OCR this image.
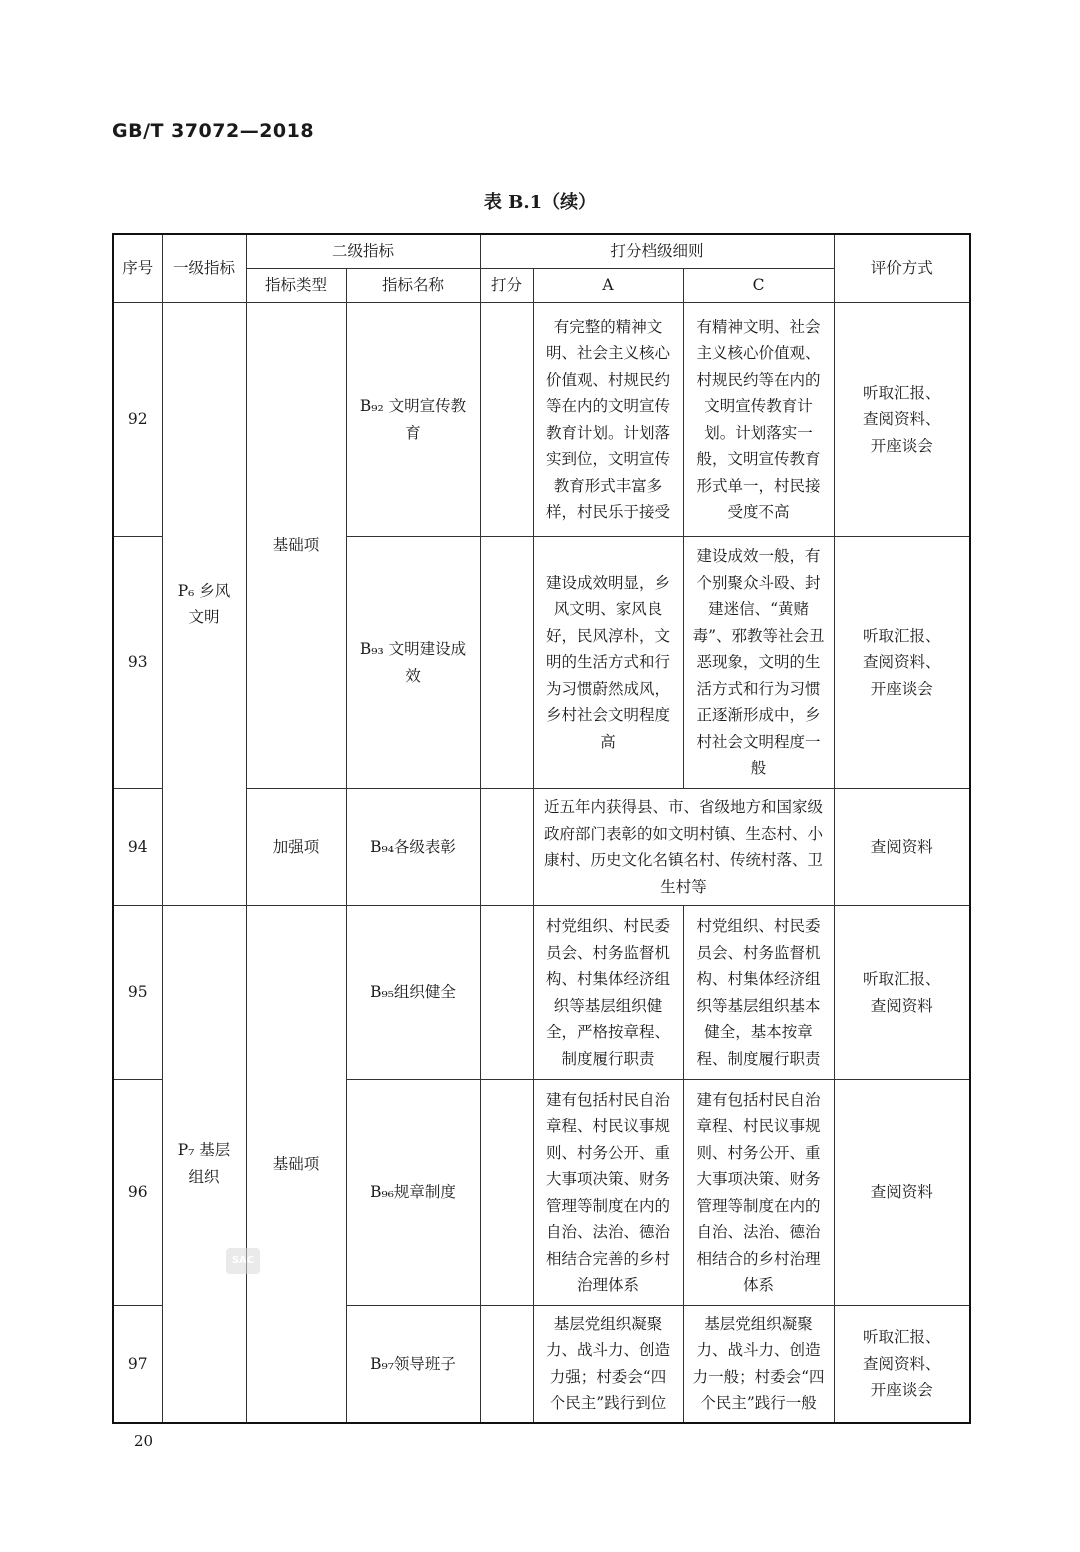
GB/T 37072—2018
表 B.1（续）
序号	一级指标	二级指标		打分档级细则			评价方式
		指标类型	指标名称	打分	A	C	
92	P₆ 乡风文明	基础项	B₉₂ 文明宣传教育		有完整的精神文明、社会主义核心价值观、村规民约等在内的文明宣传教育计划。计划落实到位，文明宣传教育形式丰富多样，村民乐于接受	有精神文明、社会主义核心价值观、村规民约等在内的文明宣传教育计划。计划落实一般，文明宣传教育形式单一，村民接受度不高	听取汇报、查阅资料、开座谈会
93			B₉₃ 文明建设成效		建设成效明显，乡风文明、家风良好，民风淳朴，文明的生活方式和行为习惯蔚然成风，乡村社会文明程度高	建设成效一般，有个别聚众斗殴、封建迷信、“黄赌毒”、邪教等社会丑恶现象，文明的生活方式和行为习惯正逐渐形成中，乡村社会文明程度一般	听取汇报、查阅资料、开座谈会
94		加强项	B₉₄各级表彰		近五年内获得县、市、省级地方和国家级政府部门表彰的如文明村镇、生态村、小康村、历史文化名镇名村、传统村落、卫生村等		查阅资料
95	P₇ 基层组织	基础项	B₉₅组织健全		村党组织、村民委员会、村务监督机构、村集体经济组织等基层组织健全，严格按章程、制度履行职责	村党组织、村民委员会、村务监督机构、村集体经济组织等基层组织基本健全，基本按章程、制度履行职责	听取汇报、查阅资料
96			B₉₆规章制度		建有包括村民自治章程、村民议事规则、村务公开、重大事项决策、财务管理等制度在内的自治、法治、德治相结合完善的乡村治理体系	建有包括村民自治章程、村民议事规则、村务公开、重大事项决策、财务管理等制度在内的自治、法治、德治相结合的乡村治理体系	查阅资料
97			B₉₇领导班子		基层党组织凝聚力、战斗力、创造力强；村委会“四个民主”践行到位	基层党组织凝聚力、战斗力、创造力一般；村委会“四个民主”践行一般	听取汇报、查阅资料、开座谈会
SAC
20
